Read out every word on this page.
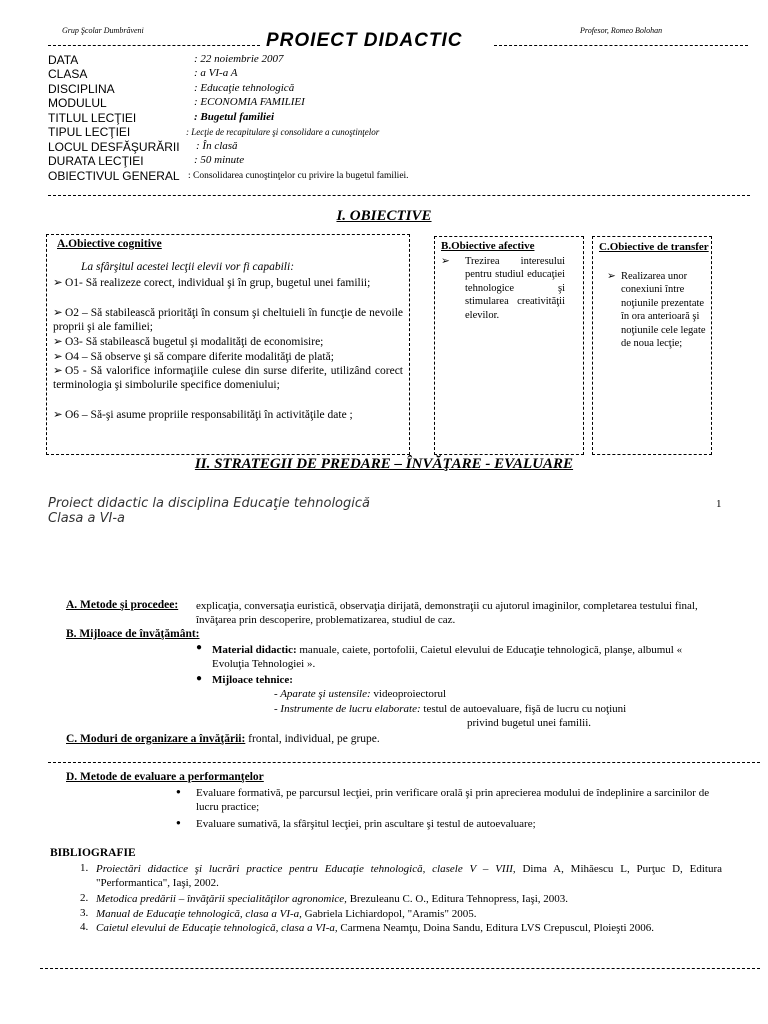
Grup Şcolar Dumbrăveni	Profesor, Romeo Bolohan
PROIECT DIDACTIC
DATA	: 22 noiembrie 2007
CLASA	: a VI-a A
DISCIPLINA	: Educaţie tehnologică
MODULUL	: ECONOMIA FAMILIEI
TITLUL LECŢIEI	: Bugetul familiei
TIPUL LECŢIEI	: Lecţie de recapitulare şi consolidare a cunoştinţelor
LOCUL DESFĂŞURĂRII : În clasă
DURATA LECŢIEI	: 50 minute
OBIECTIVUL GENERAL : Consolidarea cunoştinţelor cu privire la bugetul familiei.
I. OBIECTIVE
A.Obiective cognitive
La sfârşitul acestei lecţii elevii vor fi capabili:
➢ O1- Să realizeze corect, individual şi în grup, bugetul unei familii;
➢ O2 – Să stabilească priorităţi în consum şi cheltuieli în funcţie de nevoile proprii şi ale familiei;
➢ O3- Să stabilească bugetul şi modalităţi de economisire;
➢ O4 – Să observe şi să compare diferite modalităţi de plată;
➢ O5 - Să valorifice informaţiile culese din surse diferite, utilizând corect terminologia şi simbolurile specifice domeniului;
➢ O6 – Să-şi asume propriile responsabilităţi în activităţile date ;
B.Obiective afective
➢	Trezirea interesului pentru studiul educaţiei tehnologice şi stimularea creativităţii elevilor.
C.Obiective de transfer
➢ Realizarea unor conexiuni între noţiunile prezentate în ora anterioară şi noţiunile cele legate de noua lecţie;
II. STRATEGII DE PREDARE – ÎNVĂŢARE - EVALUARE
Proiect didactic la disciplina Educaţie tehnologică
Clasa a VI-a
1
A. Metode şi procedee: explicaţia, conversaţia euristică, observaţia dirijată, demonstraţii cu ajutorul imaginilor, completarea testului final, învăţarea prin descoperire, problematizarea, studiul de caz.
B. Mijloace de învăţământ:
● Material didactic: manuale, caiete, portofolii, Caietul elevului de Educaţie tehnologică, planşe, albumul « Evoluţia Tehnologiei ».
● Mijloace tehnice:
- Aparate şi ustensile: videoproiectorul
- Instrumente de lucru elaborate: testul de autoevaluare, fişă de lucru cu noţiuni
privind bugetul unei familii.
C. Moduri de organizare a învăţării: frontal, individual, pe grupe.
D. Metode de evaluare a performanţelor
● Evaluare formativă, pe parcursul lecţiei, prin verificare orală şi prin aprecierea modului de îndeplinire a sarcinilor de lucru practice;
● Evaluare sumativă, la sfârşitul lecţiei, prin ascultare şi testul de autoevaluare;
BIBLIOGRAFIE
1. Proiectări didactice şi lucrări practice pentru Educaţie tehnologică, clasele V – VIII, Dima A, Mihăescu L, Purţuc D, Editura "Performantica", Iaşi, 2002.
2. Metodica predării – învăţării specialităţilor agronomice, Brezuleanu C. O., Editura Tehnopress, Iaşi, 2003.
3. Manual de Educaţie tehnologică, clasa a VI-a, Gabriela Lichiardopol, "Aramis" 2005.
4. Caietul elevului de Educaţie tehnologică, clasa a VI-a, Carmena Neamţu, Doina Sandu, Editura LVS Crepuscul, Ploieşti 2006.
